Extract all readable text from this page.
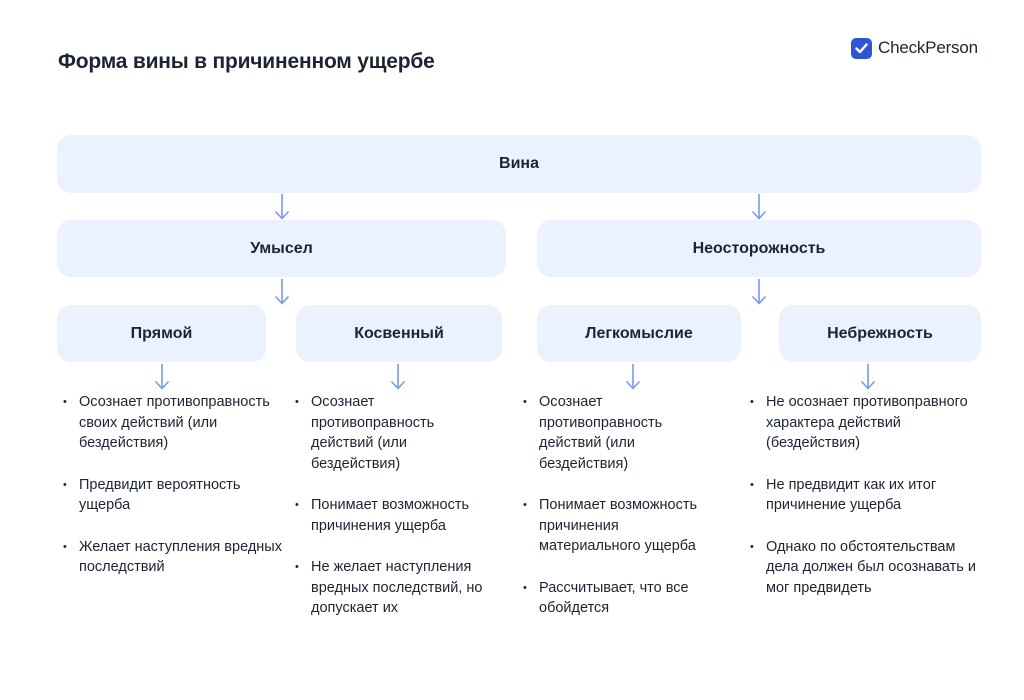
Форма вины в причиненном ущербе
CheckPerson
Вина
Умысел	Неосторожность
Прямой	Косвенный	Легкомыслие	Небрежность
• Осознает противоправность своих действий (или бездействия)
• Предвидит вероятность ущерба
• Желает наступления вредных последствий
• Осознает противоправность действий (или бездействия)
• Понимает возможность причинения ущерба
• Не желает наступления вредных последствий, но допускает их
• Осознает противоправность действий (или бездействия)
• Понимает возможность причинения материального ущерба
• Рассчитывает, что все обойдется
• Не осознает противоправного характера действий (бездействия)
• Не предвидит как их итог причинение ущерба
• Однако по обстоятельствам дела должен был осознавать и мог предвидеть
